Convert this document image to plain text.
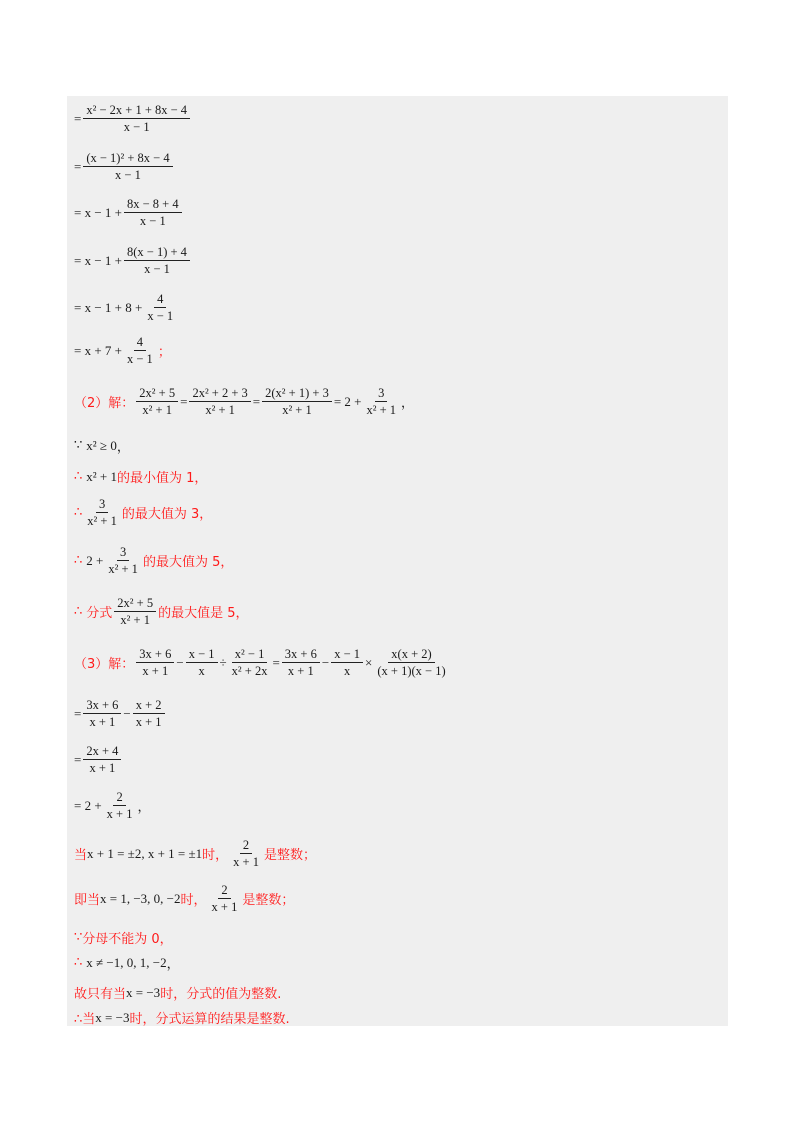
= $\frac{\text{x² − 2x + 1 + 8x − 4}}{x - 1}$
= $\frac{\text{(x − 1)² + 8x − 4}}{x - 1}$
= $x - 1 + \frac{8x - 8 + 4}{x - 1}$
= $x - 1 + \frac{8(x - 1) + 4}{x - 1}$
= $x - 1 + 8 + \frac{4}{x - 1}$
= $x + 7 + \frac{4}{x - 1}$ ；
（2）解： $\frac{\text{2x² + 5}}{\text{x² + 1}} = \frac{\text{2x² + 2 + 3}}{\text{x² + 1}} = \frac{\text{2(x² + 1) + 3}}{\text{x² + 1}} = 2 + \frac{3}{\text{x² + 1}}$ ，
∵ x² ≥ 0 ，
∴ x² + 1 的最小值为 1，
∴ $\frac{3}{\text{x² + 1}}$ 的最大值为 3，
∴ $2 + \frac{3}{\text{x² + 1}}$ 的最大值为 5，
∴ 分式 $\frac{\text{2x² + 5}}{\text{x² + 1}}$ 的最大值是 5，
（3）解： $\frac{3x + 6}{x + 1} - \frac{x - 1}{x} \div \frac{\text{x² − 1}}{\text{x² + 2x}} = \frac{3x + 6}{x + 1} - \frac{x - 1}{x} \times \frac{x(x + 2)}{(x + 1)(x - 1)}$
= $\frac{3x + 6}{x + 1} - \frac{x + 2}{x + 1}$
= $\frac{2x + 4}{x + 1}$
= $2 + \frac{2}{x + 1}$ ，
当 x + 1 = ±2, x + 1 = ±1 时， $\frac{2}{x + 1}$ 是整数；
即当 x = 1, −3, 0, −2 时， $\frac{2}{x + 1}$ 是整数；
∵ 分母不能为 0，
∴ x ≠ −1, 0, 1, −2 ，
故只有当 x = −3 时，分式的值为整数.
∴当 x = −3 时，分式运算的结果是整数.
